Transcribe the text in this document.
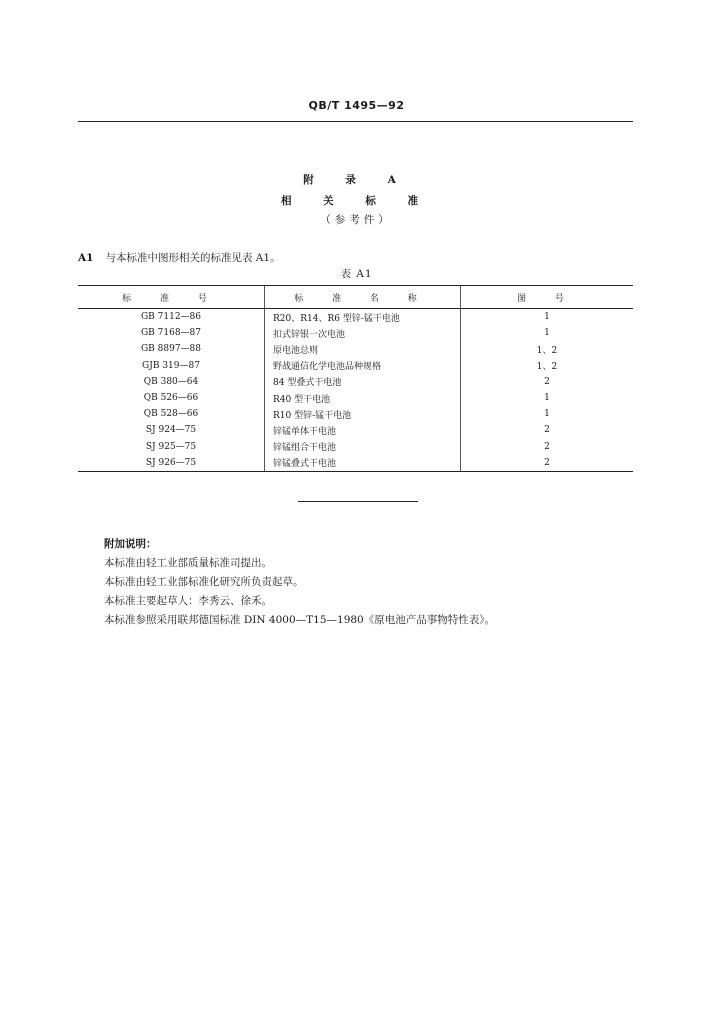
QB/T 1495—92
附 录 A
相 关 标 准
（参考件）
A1 与本标准中图形相关的标准见表 A1。
表 A1
标 准 号	标 准 名 称	图 号
GB 7112—86	R20、R14、R6 型锌-锰干电池	1
GB 7168—87	扣式锌银一次电池	1
GB 8897—88	原电池总则	1、2
GJB 319—87	野战通信化学电池品种规格	1、2
QB 380—64	84 型叠式干电池	2
QB 526—66	R40 型干电池	1
QB 528—66	R10 型锌-锰干电池	1
SJ 924—75	锌锰单体干电池	2
SJ 925—75	锌锰组合干电池	2
SJ 926—75	锌锰叠式干电池	2
附加说明：
本标准由轻工业部质量标准司提出。
本标准由轻工业部标准化研究所负责起草。
本标准主要起草人：李秀云、徐禾。
本标准参照采用联邦德国标准 DIN 4000—T15—1980《原电池产品事物特性表》。
